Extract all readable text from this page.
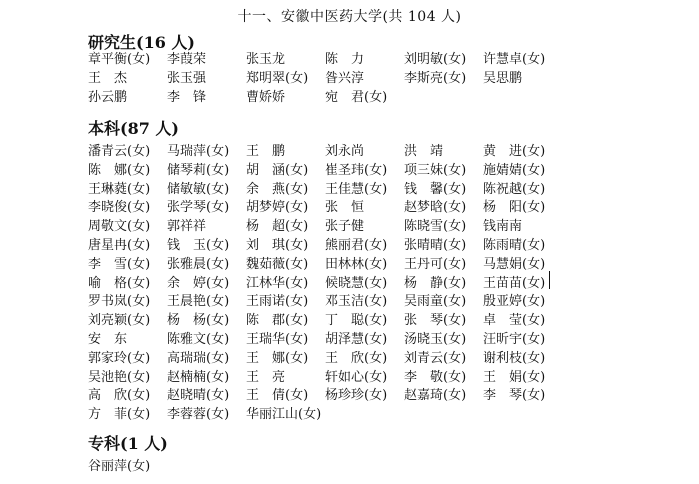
十一、安徽中医药大学(共 104 人)
研究生(16 人)
章平衡(女) 李葭荣	张玉龙	陈　力	刘明敏(女) 许慧卓(女)
王　杰	张玉强	郑明翠(女) 昝兴淳	李斯亮(女) 吴思鹏
孙云鹏	李　锋	曹娇娇	宛　君(女)
本科(87 人)
潘青云(女) 马瑞萍(女) 王　鹏	刘永尚	洪　靖	黄　进(女)
陈　娜(女) 储琴莉(女) 胡　涵(女) 崔圣玮(女) 项三妹(女) 施婧婧(女)
王琳蕤(女) 储敏敏(女) 余　燕(女) 王佳慧(女) 钱　馨(女) 陈祝越(女)
李晓俊(女) 张学琴(女) 胡梦婷(女) 张　恒	赵梦晗(女) 杨　阳(女)
周敬文(女) 郭祥祥	杨　超(女) 张子健	陈晓雪(女) 钱南南
唐星冉(女) 钱　玉(女) 刘　琪(女) 熊丽君(女) 张晴晴(女) 陈雨晴(女)
李　雪(女) 张雅晨(女) 魏茹薇(女) 田林林(女) 王丹可(女) 马慧娟(女)
喻　格(女) 余　婷(女) 江林华(女) 候晓慧(女) 杨　静(女) 王苗苗(女)
罗书岚(女) 王晨艳(女) 王雨诺(女) 邓玉洁(女) 吴雨童(女) 殷亚婷(女)
刘亮颖(女) 杨　杨(女) 陈　郡(女) 丁　聪(女) 张　琴(女) 卓　莹(女)
安　东	陈雅文(女) 王瑞华(女) 胡泽慧(女) 汤晓玉(女) 汪昕宇(女)
郭家玲(女) 高瑞瑞(女) 王　娜(女) 王　欣(女) 刘青云(女) 谢利枝(女)
吴池艳(女) 赵楠楠(女) 王　亮	轩如心(女) 李　敬(女) 王　娟(女)
高　欣(女) 赵晓晴(女) 王　倩(女) 杨珍珍(女) 赵嘉琦(女) 李　琴(女)
方　菲(女) 李蓉蓉(女) 华丽江山(女)
专科(1 人)
谷丽萍(女)
